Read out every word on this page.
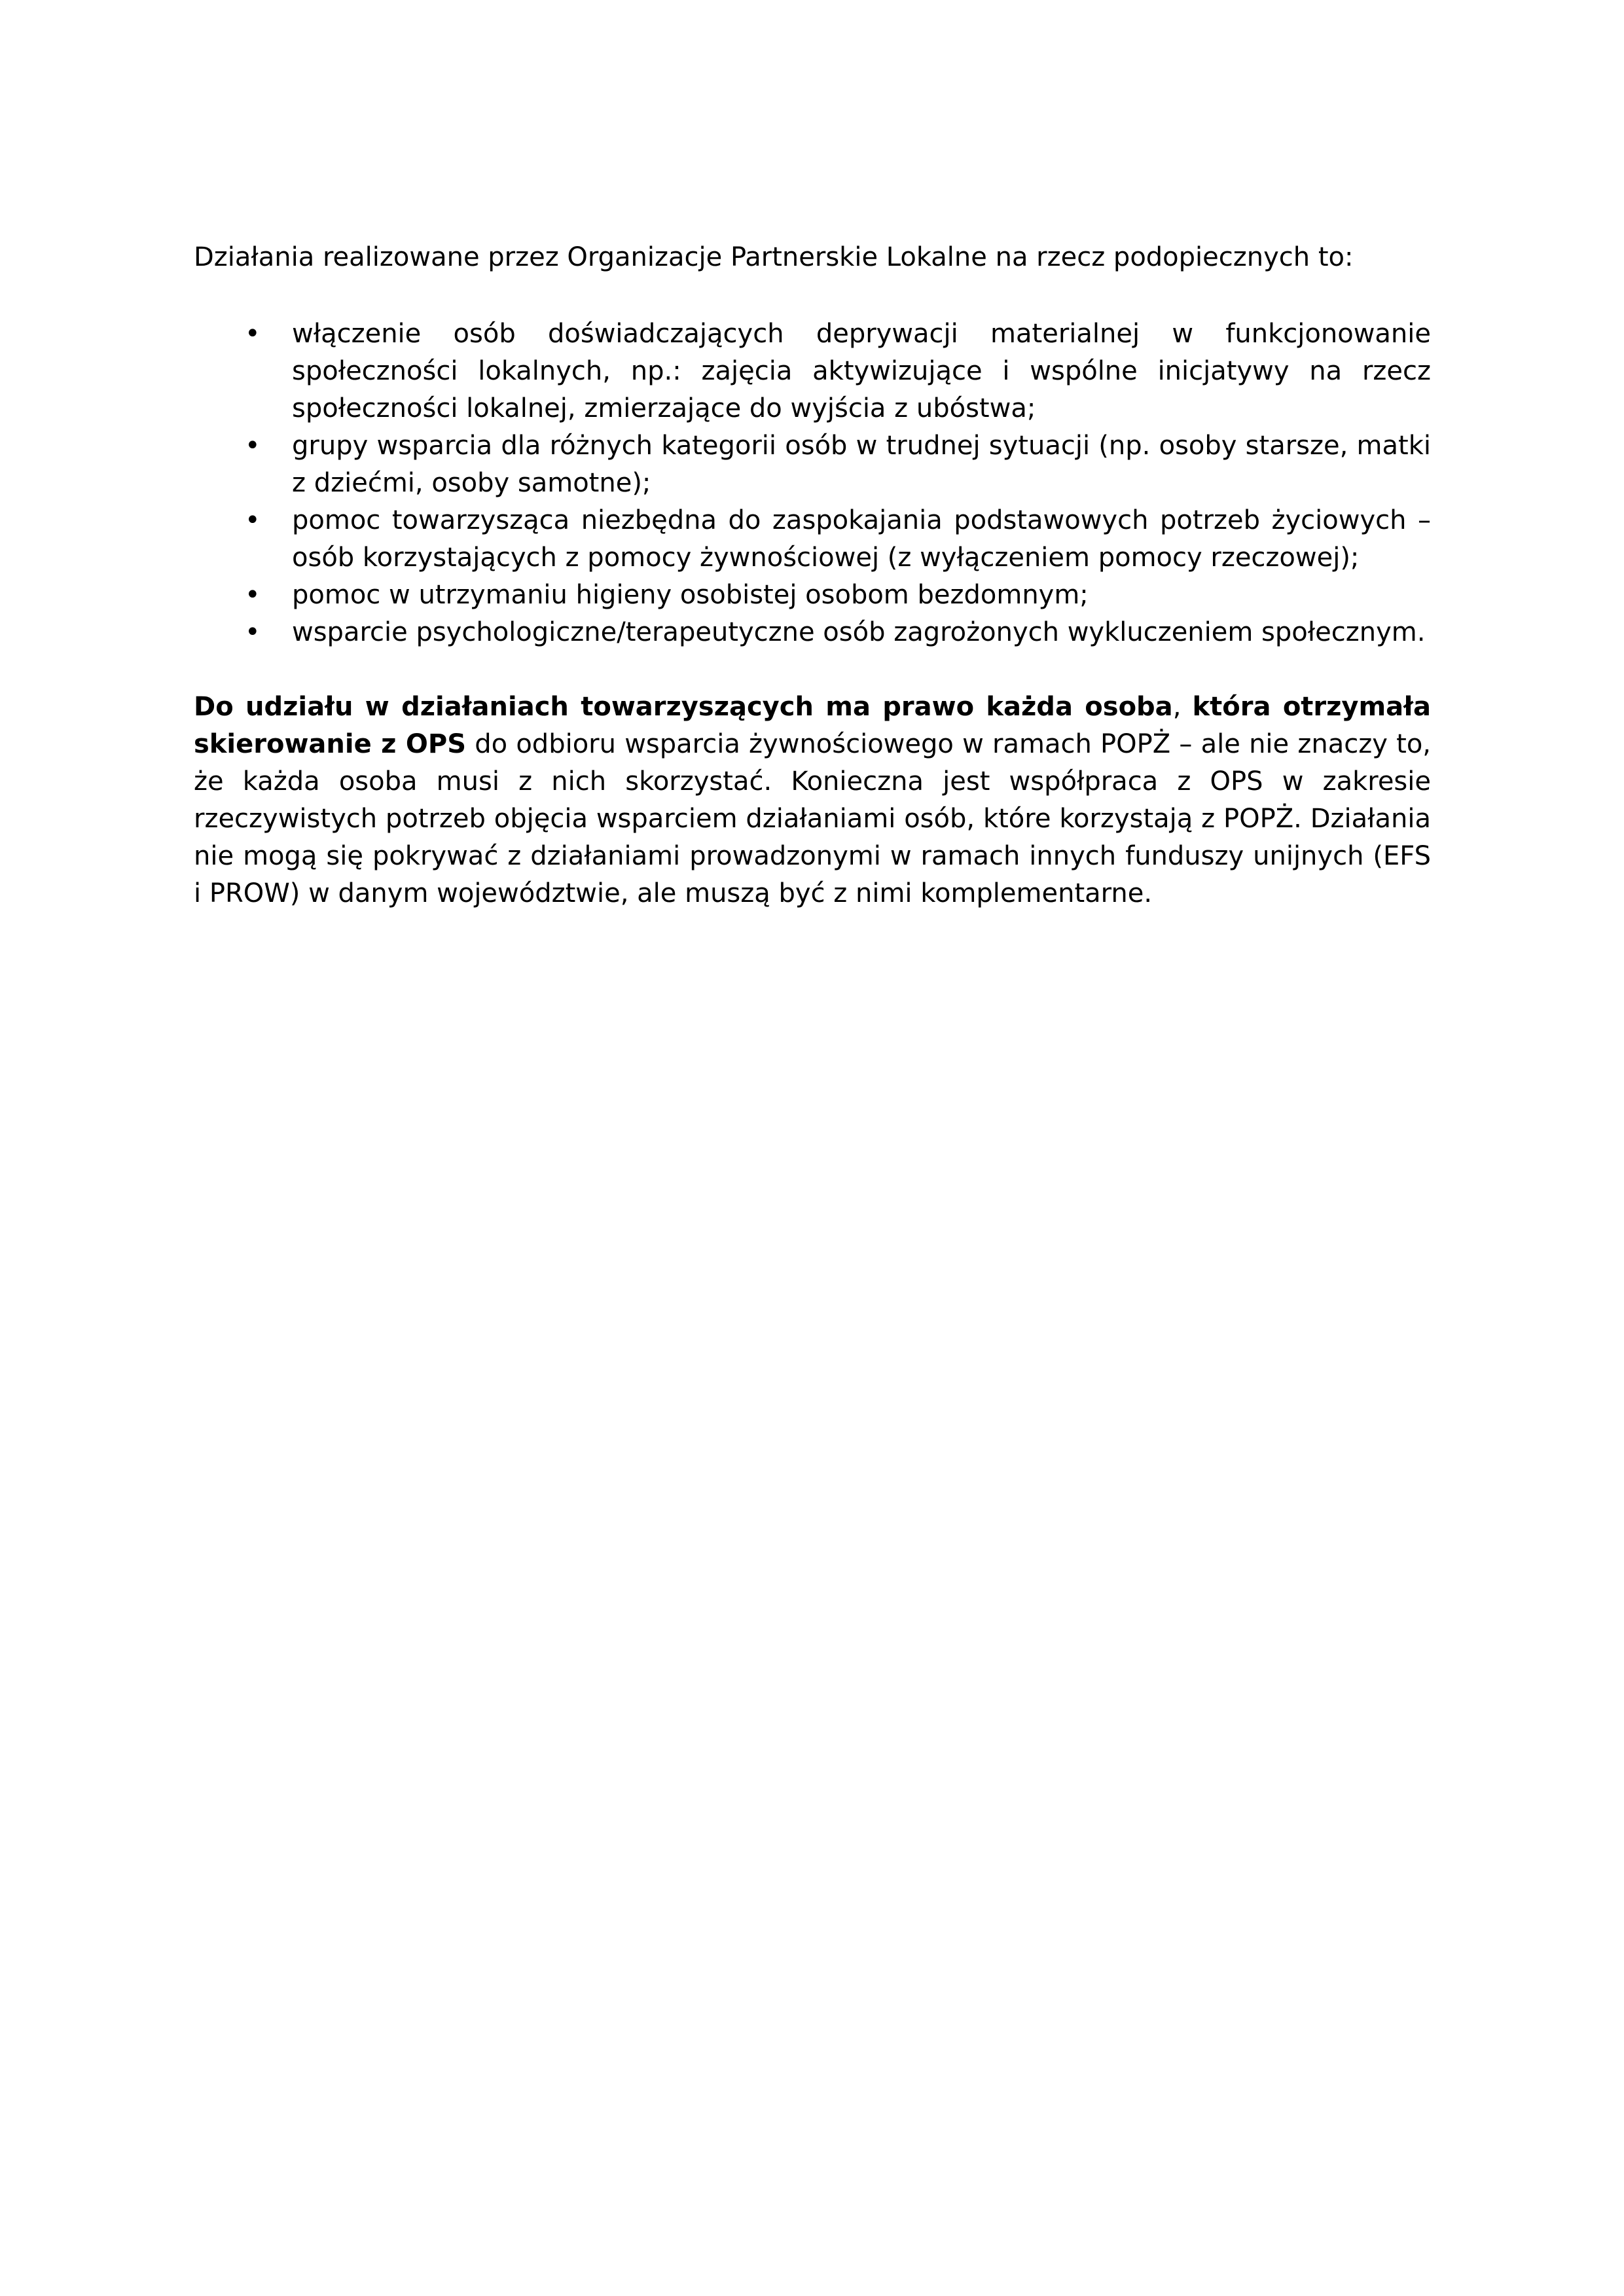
Działania realizowane przez Organizacje Partnerskie Lokalne na rzecz podopiecznych to:

• włączenie osób doświadczających deprywacji materialnej w funkcjonowanie społeczności lokalnych, np.: zajęcia aktywizujące i wspólne inicjatywy na rzecz społeczności lokalnej, zmierzające do wyjścia z ubóstwa;
• grupy wsparcia dla różnych kategorii osób w trudnej sytuacji (np. osoby starsze, matki z dziećmi, osoby samotne);
• pomoc towarzysząca niezbędna do zaspokajania podstawowych potrzeb życiowych – osób korzystających z pomocy żywnościowej (z wyłączeniem pomocy rzeczowej);
• pomoc w utrzymaniu higieny osobistej osobom bezdomnym;
• wsparcie psychologiczne/terapeutyczne osób zagrożonych wykluczeniem społecznym.

Do udziału w działaniach towarzyszących ma prawo każda osoba, która otrzymała skierowanie z OPS do odbioru wsparcia żywnościowego w ramach POPŻ – ale nie znaczy to, że każda osoba musi z nich skorzystać. Konieczna jest współpraca z OPS w zakresie rzeczywistych potrzeb objęcia wsparciem działaniami osób, które korzystają z POPŻ. Działania nie mogą się pokrywać z działaniami prowadzonymi w ramach innych funduszy unijnych (EFS i PROW) w danym województwie, ale muszą być z nimi komplementarne.
